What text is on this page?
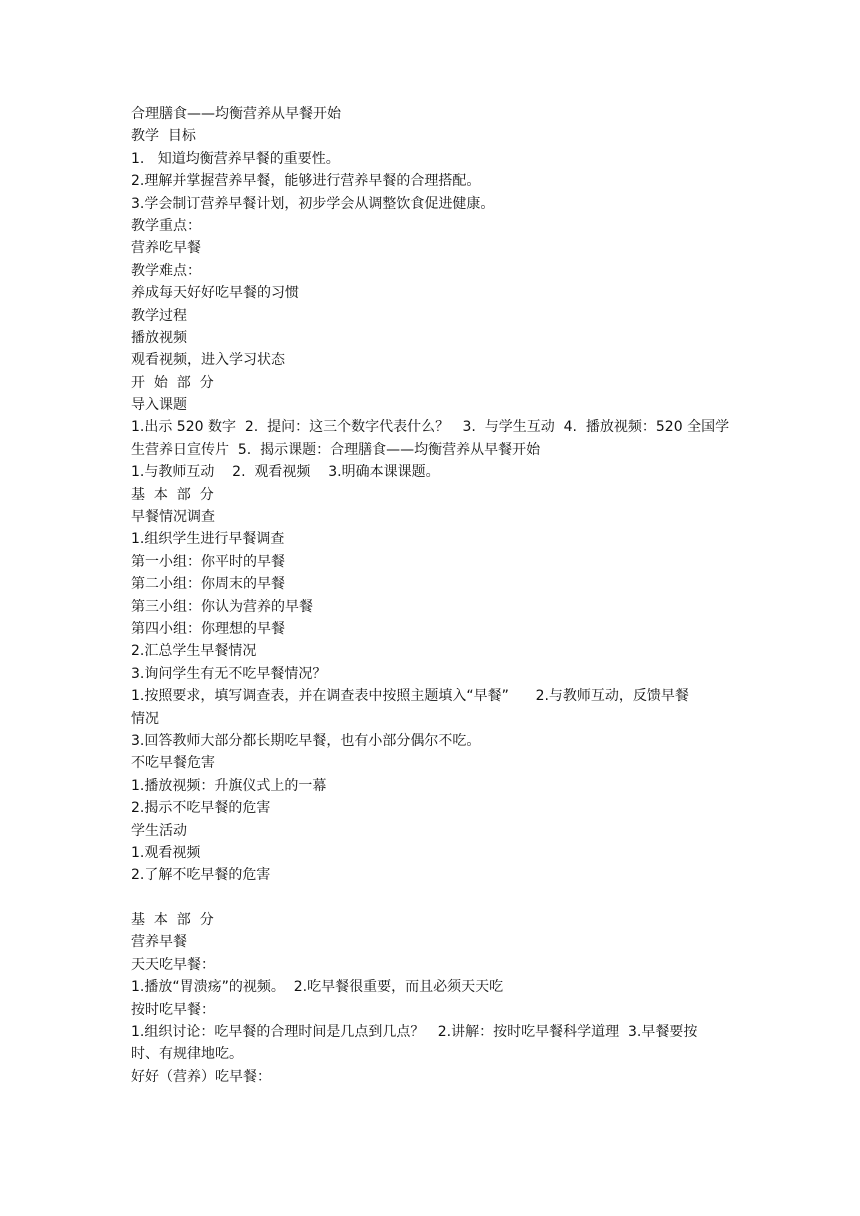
合理膳食——均衡营养从早餐开始
教学  目标
1.   知道均衡营养早餐的重要性。
2.理解并掌握营养早餐，能够进行营养早餐的合理搭配。
3.学会制订营养早餐计划，初步学会从调整饮食促进健康。
教学重点：
营养吃早餐
教学难点：
养成每天好好吃早餐的习惯
教学过程
播放视频
观看视频，进入学习状态
开  始  部  分
导入课题
1.出示 520 数字  2.  提问：这三个数字代表什么？   3.  与学生互动  4.  播放视频：520 全国学
生营养日宣传片  5.  揭示课题：合理膳食——均衡营养从早餐开始
1.与教师互动    2.  观看视频    3.明确本课课题。
基  本  部  分
早餐情况调查
1.组织学生进行早餐调查
第一小组：你平时的早餐
第二小组：你周末的早餐
第三小组：你认为营养的早餐
第四小组：你理想的早餐
2.汇总学生早餐情况
3.询问学生有无不吃早餐情况？
1.按照要求，填写调查表，并在调查表中按照主题填入“早餐”      2.与教师互动，反馈早餐
情况
3.回答教师大部分都长期吃早餐，也有小部分偶尔不吃。
不吃早餐危害
1.播放视频：升旗仪式上的一幕
2.揭示不吃早餐的危害
学生活动
1.观看视频
2.了解不吃早餐的危害
基  本  部  分
营养早餐
天天吃早餐：
1.播放“胃溃疡”的视频。  2.吃早餐很重要，而且必须天天吃
按时吃早餐：
1.组织讨论：吃早餐的合理时间是几点到几点？   2.讲解：按时吃早餐科学道理  3.早餐要按
时、有规律地吃。
好好（营养）吃早餐：
